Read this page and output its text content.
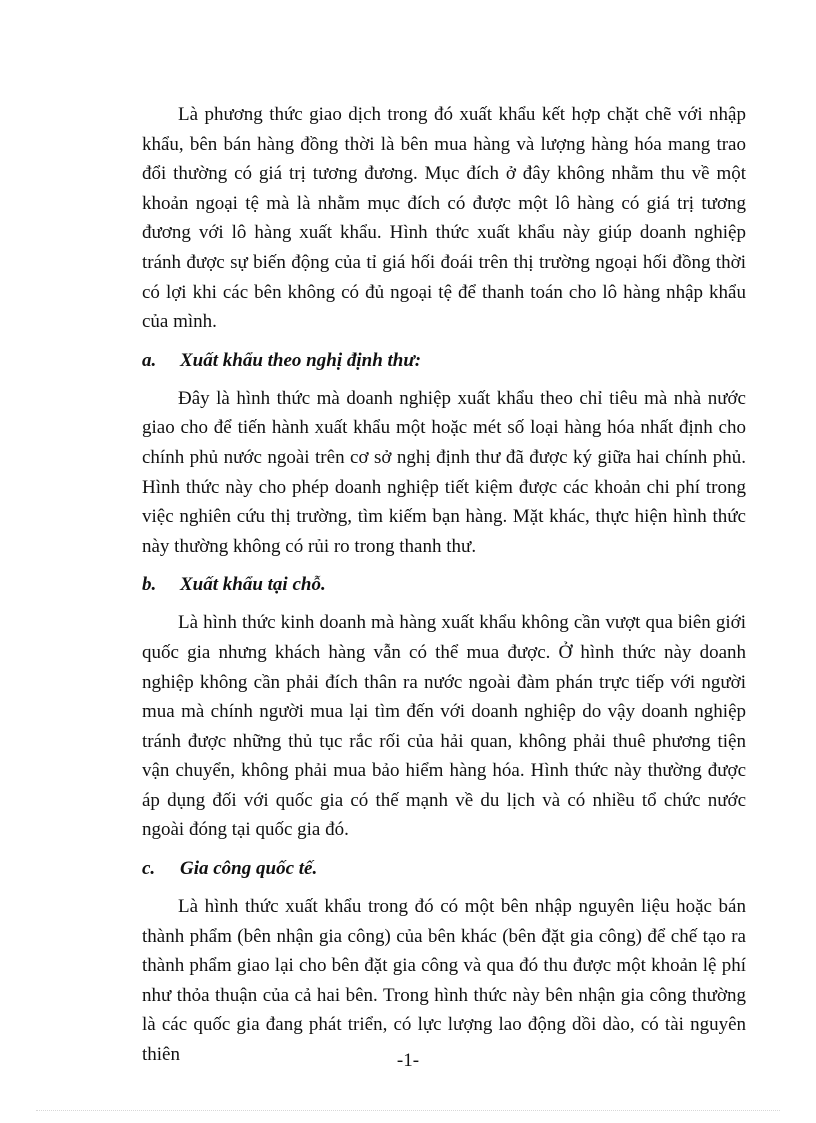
Là phương thức giao dịch trong đó xuất khẩu kết hợp chặt chẽ với nhập khẩu, bên bán hàng đồng thời là bên mua hàng và lượng hàng hóa mang trao đổi thường có giá trị tương đương. Mục đích ở đây không nhằm thu về một khoản ngoại tệ mà là nhằm mục đích có được một lô hàng có giá trị tương đương với lô hàng xuất khẩu. Hình thức xuất khẩu này giúp doanh nghiệp tránh được sự biến động của tỉ giá hối đoái trên thị trường ngoại hối đồng thời có lợi khi các bên không có đủ ngoại tệ để thanh toán cho lô hàng nhập khẩu của mình.

a.	Xuất khẩu theo nghị định thư:

Đây là hình thức mà doanh nghiệp xuất khẩu theo chỉ tiêu mà nhà nước giao cho để tiến hành xuất khẩu một hoặc mét số loại hàng hóa nhất định cho chính phủ nước ngoài trên cơ sở nghị định thư đã được ký giữa hai chính phủ. Hình thức này cho phép doanh nghiệp tiết kiệm được các khoản chi phí trong việc nghiên cứu thị trường, tìm kiếm bạn hàng. Mặt khác, thực hiện hình thức này thường không có rủi ro trong thanh thư.

b.	Xuất khẩu tại chỗ.

Là hình thức kinh doanh mà hàng xuất khẩu không cần vượt qua biên giới quốc gia nhưng khách hàng vẫn có thể mua được. Ở hình thức này doanh nghiệp không cần phải đích thân ra nước ngoài đàm phán trực tiếp với người mua mà chính người mua lại tìm đến với doanh nghiệp do vậy doanh nghiệp tránh được những thủ tục rắc rối của hải quan, không phải thuê phương tiện vận chuyển, không phải mua bảo hiểm hàng hóa. Hình thức này thường được áp dụng đối với quốc gia có thế mạnh về du lịch và có nhiều tổ chức nước ngoài đóng tại quốc gia đó.

c.	Gia công quốc tế.

Là hình thức xuất khẩu trong đó có một bên nhập nguyên liệu hoặc bán thành phẩm (bên nhận gia công) của bên khác (bên đặt gia công) để chế tạo ra thành phẩm giao lại cho bên đặt gia công và qua đó thu được một khoản lệ phí như thỏa thuận của cả hai bên. Trong hình thức này bên nhận gia công thường là các quốc gia đang phát triển, có lực lượng lao động dồi dào, có tài nguyên thiên	-1-
